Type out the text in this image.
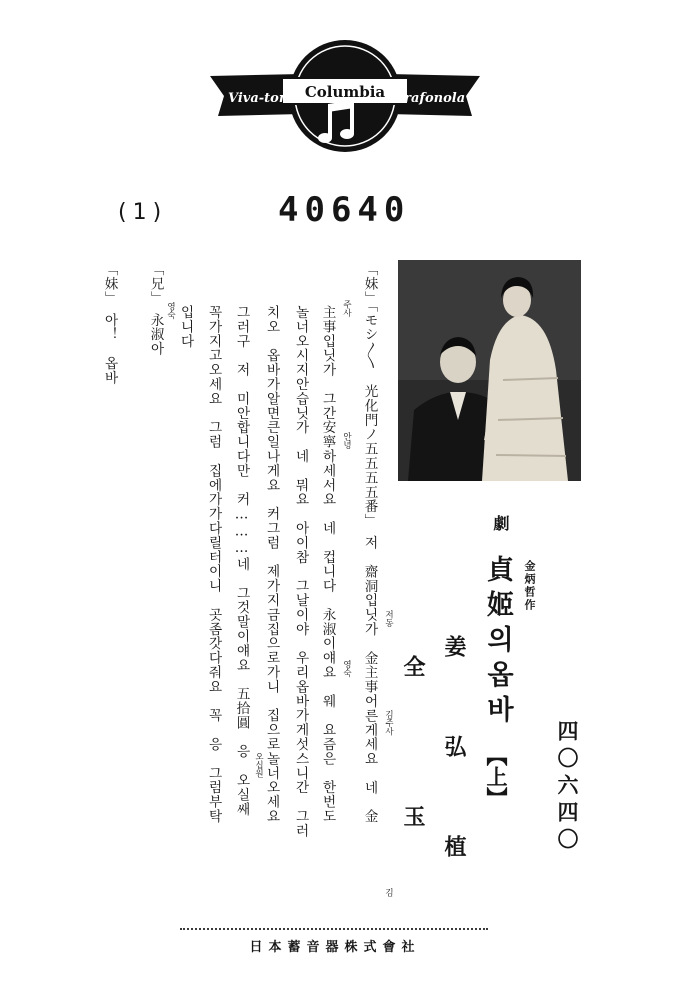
Viva-tonal Columbia Grafonola
(1)	40640
四〇六四〇
金炳哲作
劇
貞姬의옵바
【上】
姜　弘　植
全　　玉
「妹」「モシ〳〵　光化門ノ五五五五番」　저　齋洞입닛가　金主事어른게세요　네　金
主事입닛가　그간安寧하세서요　네　컵니다　永淑이얘요　웨　요즘은　한번도
놀너오시지안습닛가　네　뭐요　아이참　그날이야　우리옵바가게섯스니간　그러
치오　옵바가알면큰일나게요　커그럼　제가지금집으로가니　집으로놀너오세요
그러구　저　미안합니다만　커………네　그것말이얘요　五拾圓　응　오실쌔
꼭가지고오세요　그럼　집에가가다릴터이니　곳좀갓다줘요　꼭　응　그럼부탁
입니다
「兄」　永淑아
「妹」　아！　옵바
저동
김주사
김
주사
안녕
영숙
오십원
영숙
日本蓄音器株式會社
